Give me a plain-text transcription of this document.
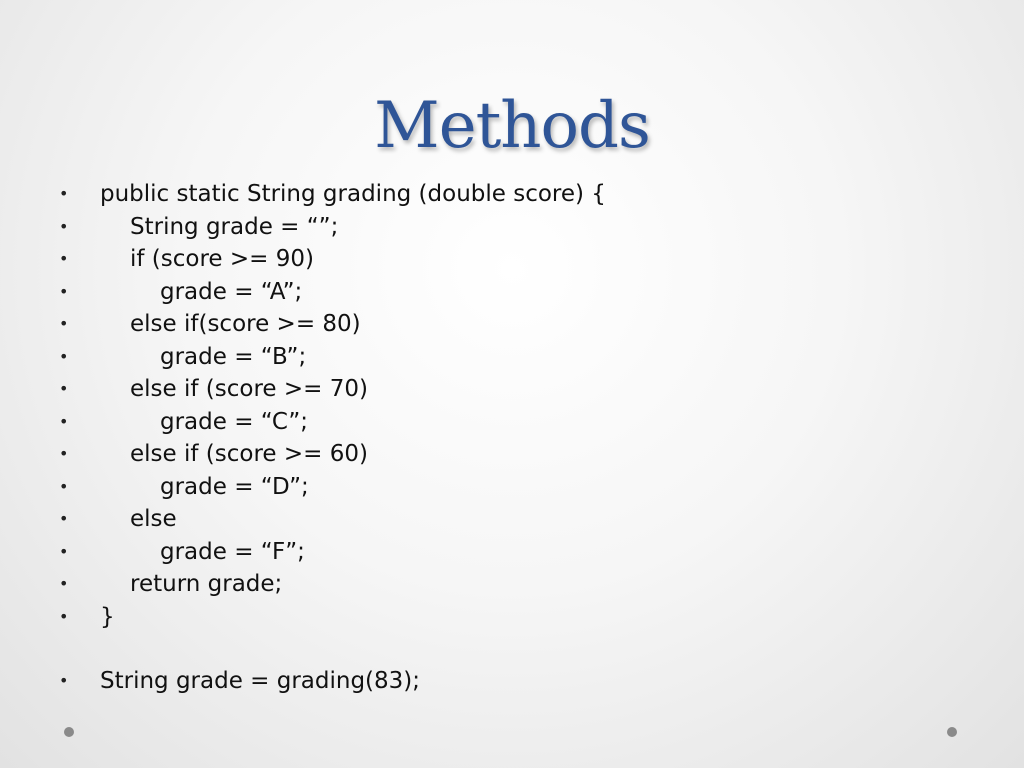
Methods

•

public static String grading (double score) {

•

	String grade = “”;

•

	if (score >= 90)

•

	grade = “A”;

•

	else if(score >= 80)

•

	grade = “B”;

•

	else if (score >= 70)

•

	grade = “C”;

•

	else if (score >= 60)

•

	grade = “D”;

•

	else

•

	grade = “F”;

•

	return grade;

•

}

•

String grade = grading(83);
